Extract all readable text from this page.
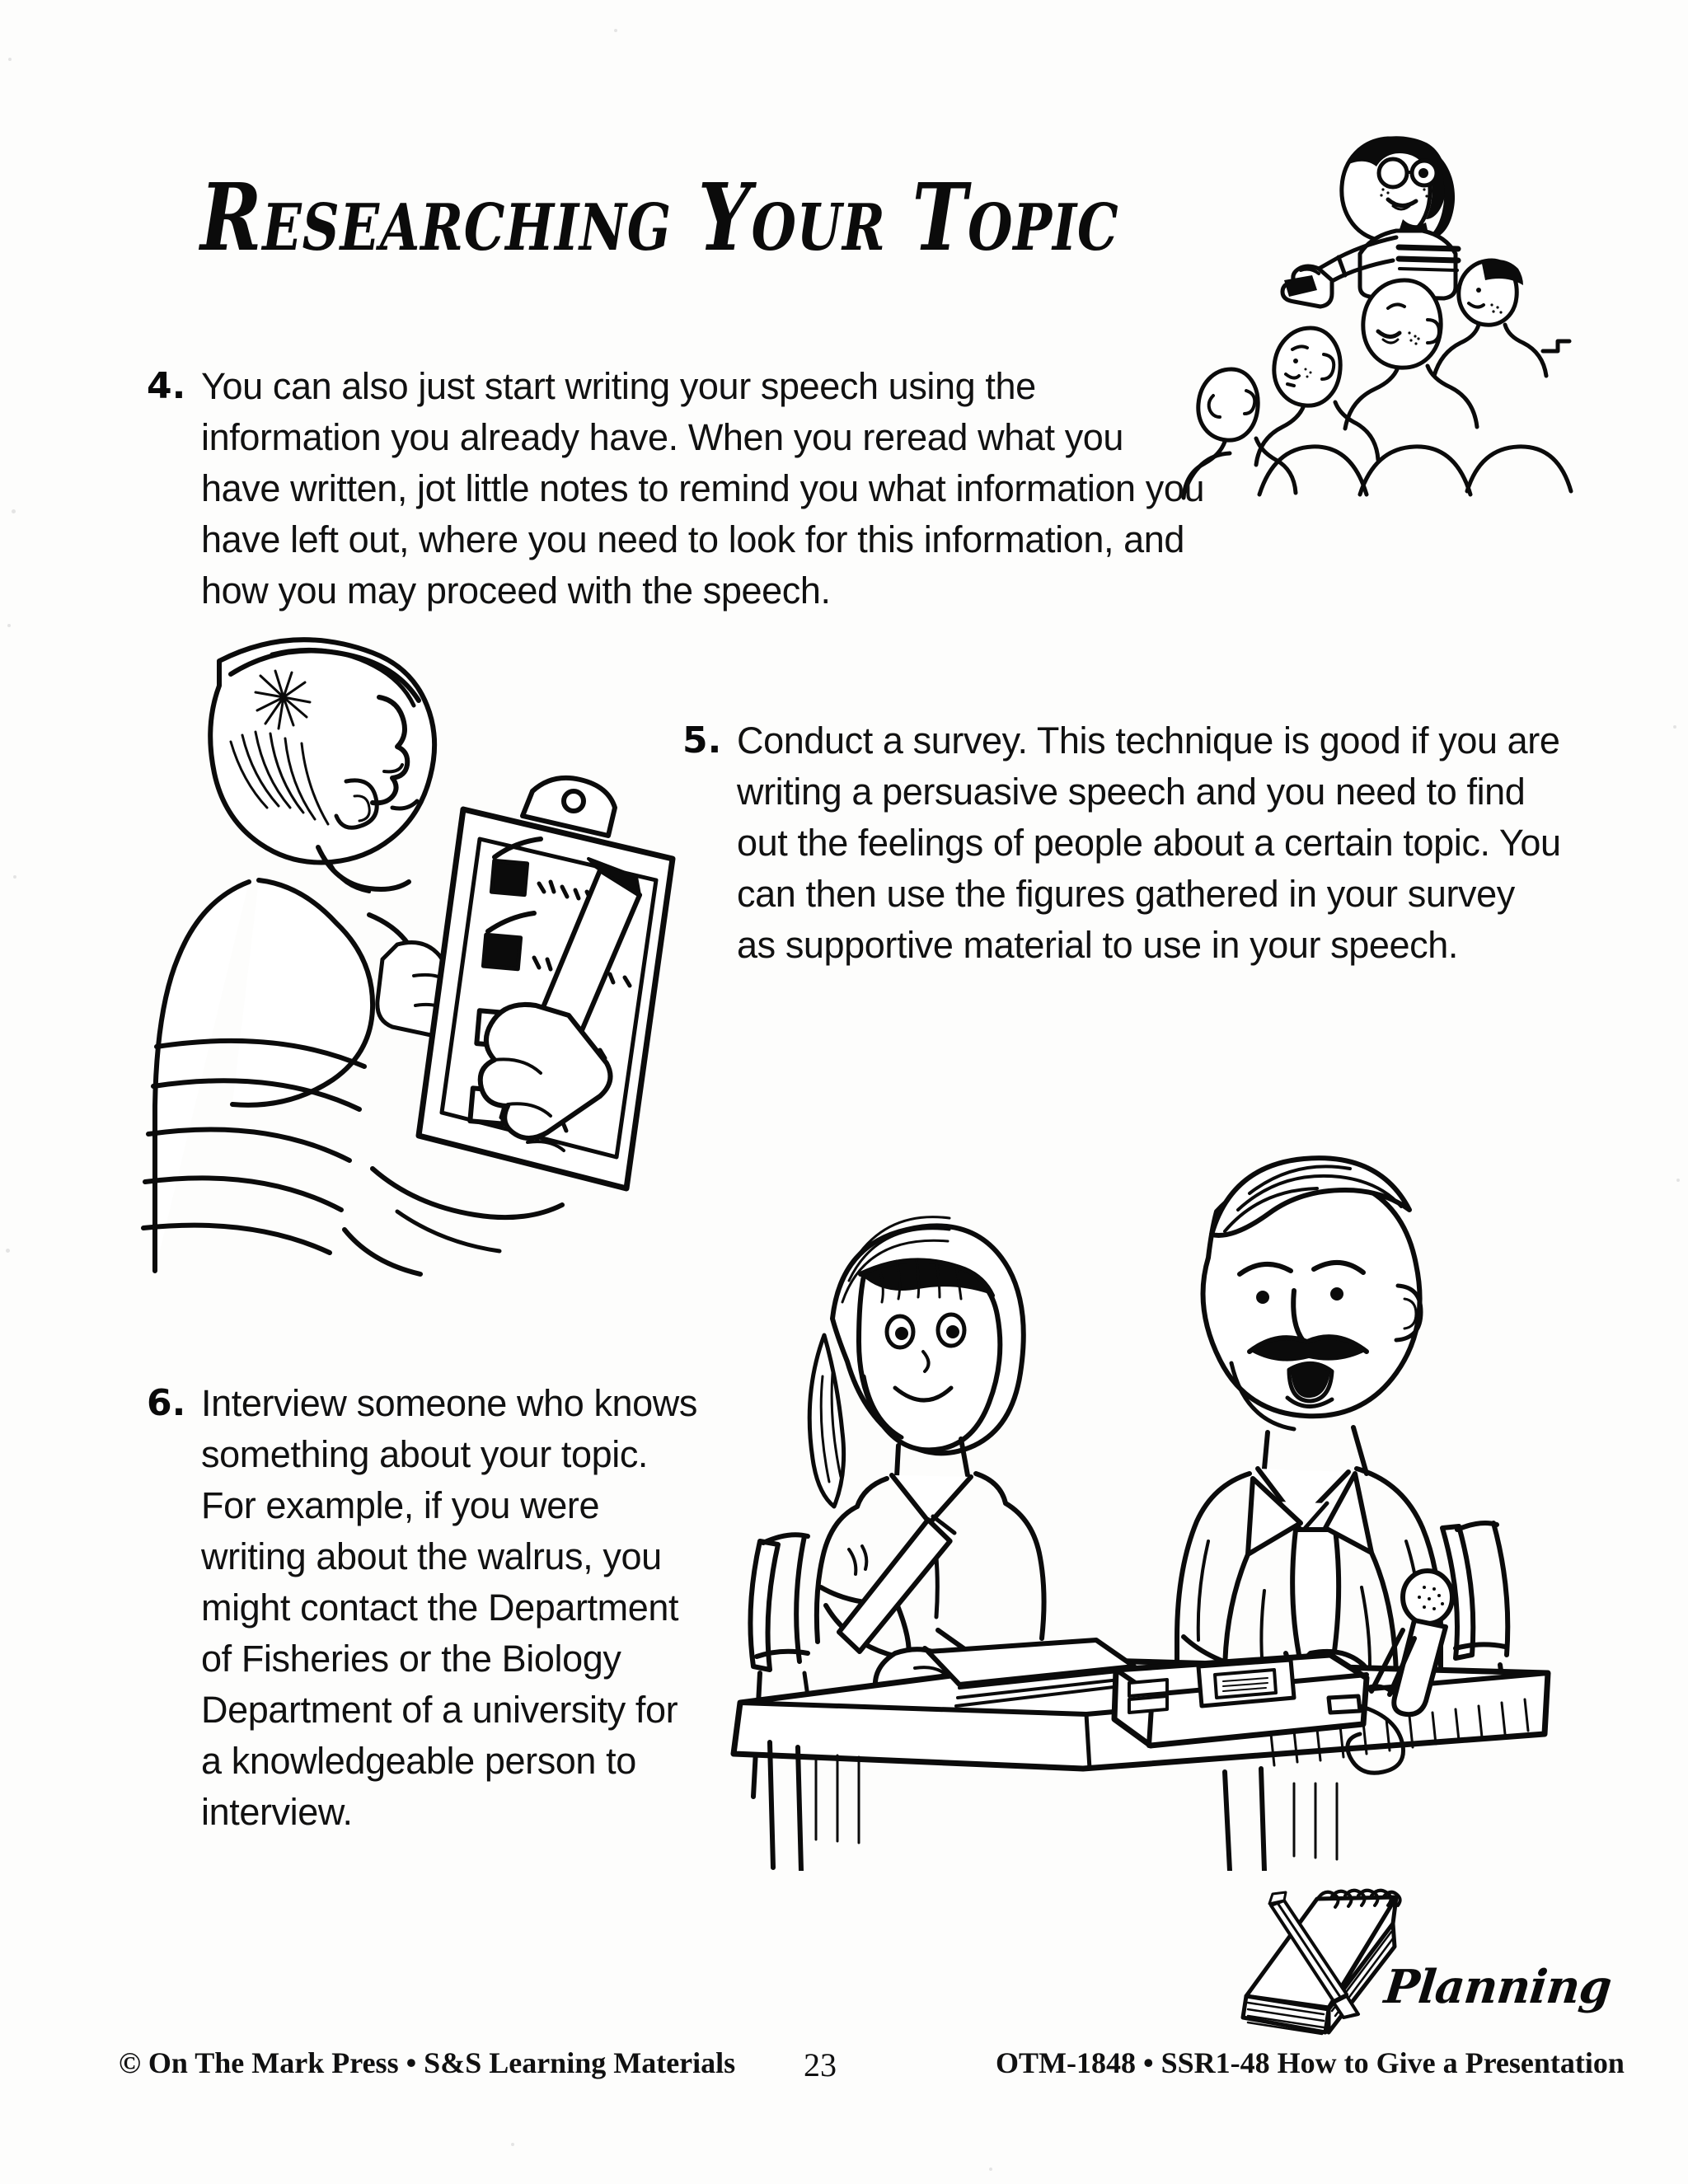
Researching Your Topic
4. You can also just start writing your speech using the information you already have. When you reread what you have written, jot little notes to remind you what information you have left out, where you need to look for this information, and how you may proceed with the speech.
5. Conduct a survey. This technique is good if you are writing a persuasive speech and you need to find out the feelings of people about a certain topic. You can then use the figures gathered in your survey as supportive material to use in your speech.
6. Interview someone who knows something about your topic. For example, if you were writing about the walrus, you might contact the Department of Fisheries or the Biology Department of a university for a knowledgeable person to interview.
Planning
© On The Mark Press • S&S Learning Materials 23	OTM-1848 • SSR1-48 How to Give a Presentation
